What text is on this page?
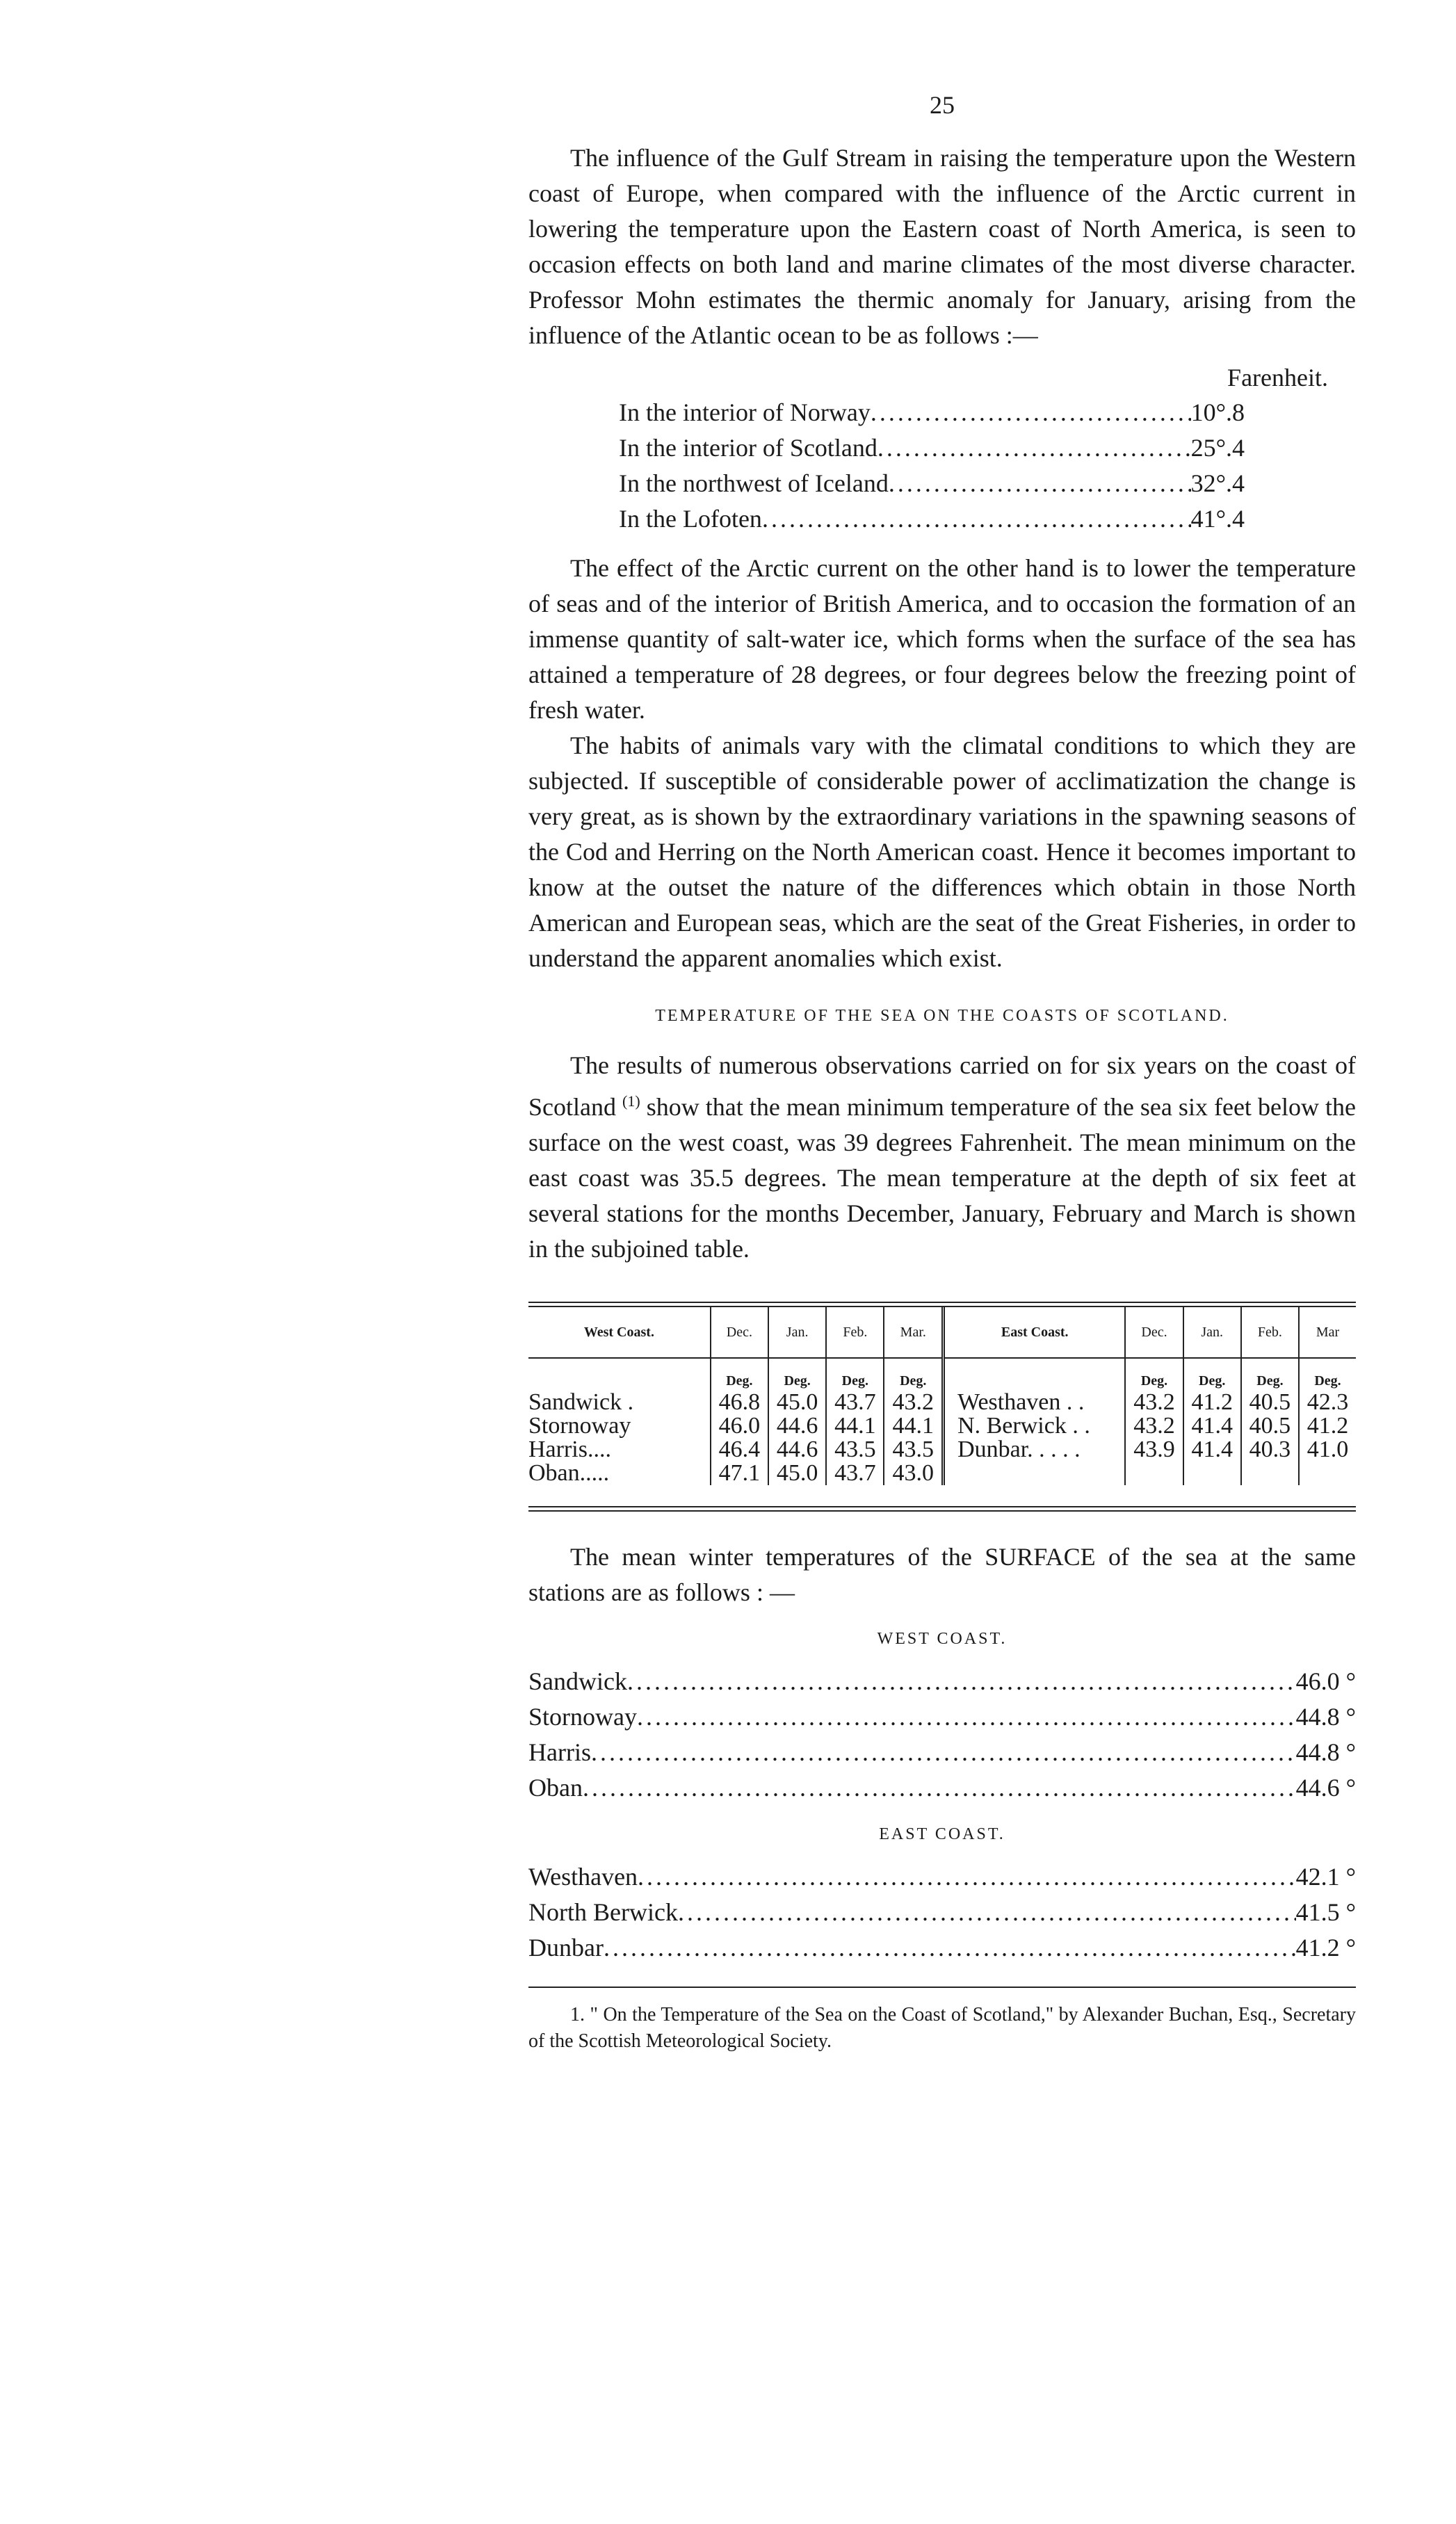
25

The influence of the Gulf Stream in raising the temperature upon the Western coast of Europe, when compared with the influence of the Arctic current in lowering the temperature upon the Eastern coast of North America, is seen to occasion effects on both land and marine climates of the most diverse character. Professor Mohn estimates the thermic anomaly for January, arising from the influence of the Atlantic ocean to be as follows :—

Farenheit.
In the interior of Norway .....	10°.8
In the interior of Scotland .....	25°.4
In the northwest of Iceland .....	32°.4
In the Lofoten .....	41°.4

The effect of the Arctic current on the other hand is to lower the temperature of seas and of the interior of British America, and to occasion the formation of an immense quantity of salt-water ice, which forms when the surface of the sea has attained a temperature of 28 degrees, or four degrees below the freezing point of fresh water.

The habits of animals vary with the climatal conditions to which they are subjected. If susceptible of considerable power of acclimatization the change is very great, as is shown by the extraordinary variations in the spawning seasons of the Cod and Herring on the North American coast. Hence it becomes important to know at the outset the nature of the differences which obtain in those North American and European seas, which are the seat of the Great Fisheries, in order to understand the apparent anomalies which exist.

TEMPERATURE OF THE SEA ON THE COASTS OF SCOTLAND.

The results of numerous observations carried on for six years on the coast of Scotland $^{(1)}$ show that the mean minimum temperature of the sea six feet below the surface on the west coast, was 39 degrees Fahrenheit. The mean minimum on the east coast was 35.5 degrees. The mean temperature at the depth of six feet at several stations for the months December, January, February and March is shown in the subjoined table.

West Coast.	Dec.	Jan.	Feb.	Mar.	East Coast.	Dec.	Jan.	Feb.	Mar
	Deg.	Deg.	Deg.	Deg.		Deg.	Deg.	Deg.	Deg.
Sandwick .	46.8	45.0	43.7	43.2	Westhaven . .	43.2	41.2	40.5	42.3
Stornoway	46.0	44.6	44.1	44.1	N. Berwick . .	43.2	41.4	40.5	41.2
Harris....	46.4	44.6	43.5	43.5	Dunbar. . . . .	43.9	41.4	40.3	41.0
Oban.....	47.1	45.0	43.7	43.0					

The mean winter temperatures of the SURFACE of the sea at the same stations are as follows : —

WEST COAST.
Sandwick .....	46.0 °
Stornoway .....	44.8 °
Harris .....	44.8 °
Oban .....	44.6 °
EAST COAST.
Westhaven .....	42.1 °
North Berwick .....	41.5 °
Dunbar .....	41.2 °
1. " On the Temperature of the Sea on the Coast of Scotland," by Alexander Buchan, Esq., Secretary of the Scottish Meteorological Society.
